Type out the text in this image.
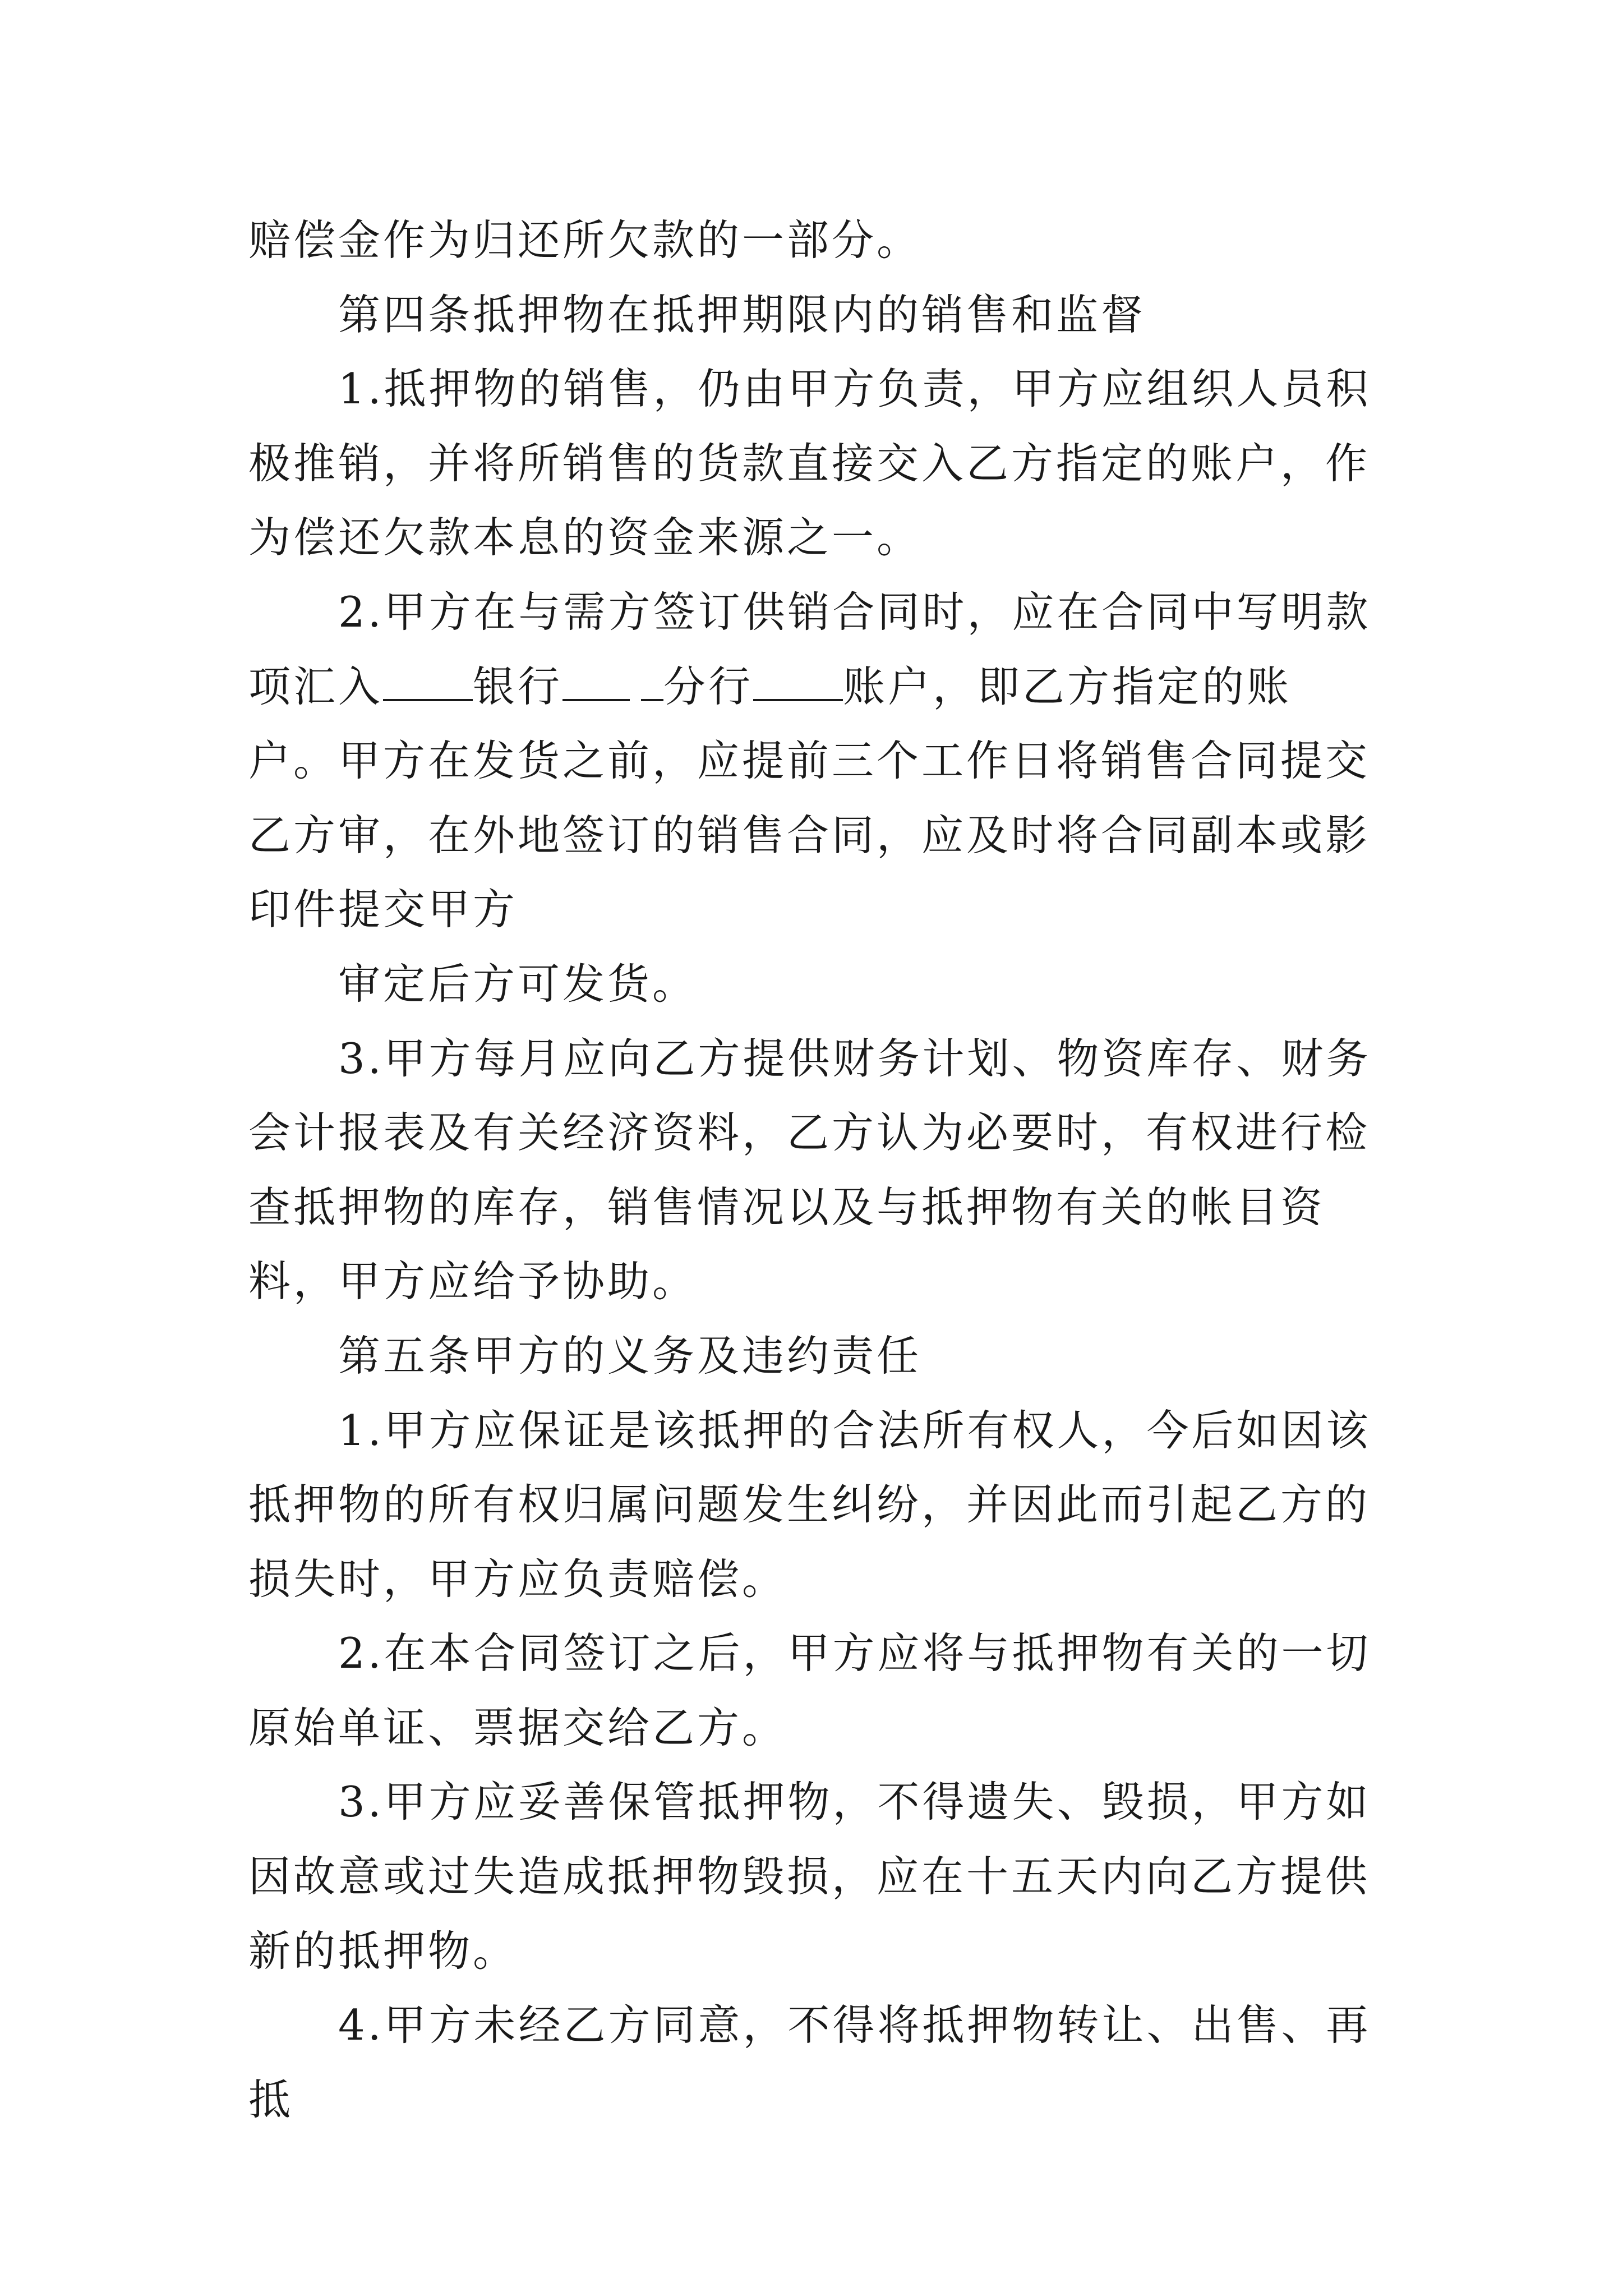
赔偿金作为归还所欠款的一部分。

第四条抵押物在抵押期限内的销售和监督

1.抵押物的销售，仍由甲方负责，甲方应组织人员积极推销，并将所销售的货款直接交入乙方指定的账户，作为偿还欠款本息的资金来源之一。

2.甲方在与需方签订供销合同时，应在合同中写明款项汇入 银行 分行 账户，即乙方指定的账户。甲方在发货之前，应提前三个工作日将销售合同提交乙方审，在外地签订的销售合同，应及时将合同副本或影印件提交甲方

审定后方可发货。

3.甲方每月应向乙方提供财务计划、物资库存、财务会计报表及有关经济资料，乙方认为必要时，有权进行检查抵押物的库存，销售情况以及与抵押物有关的帐目资料，甲方应给予协助。

第五条甲方的义务及违约责任

1.甲方应保证是该抵押的合法所有权人，今后如因该抵押物的所有权归属问题发生纠纷，并因此而引起乙方的损失时，甲方应负责赔偿。

2.在本合同签订之后，甲方应将与抵押物有关的一切原始单证、票据交给乙方。

3.甲方应妥善保管抵押物，不得遗失、毁损，甲方如因故意或过失造成抵押物毁损，应在十五天内向乙方提供新的抵押物。

4.甲方未经乙方同意，不得将抵押物转让、出售、再抵
